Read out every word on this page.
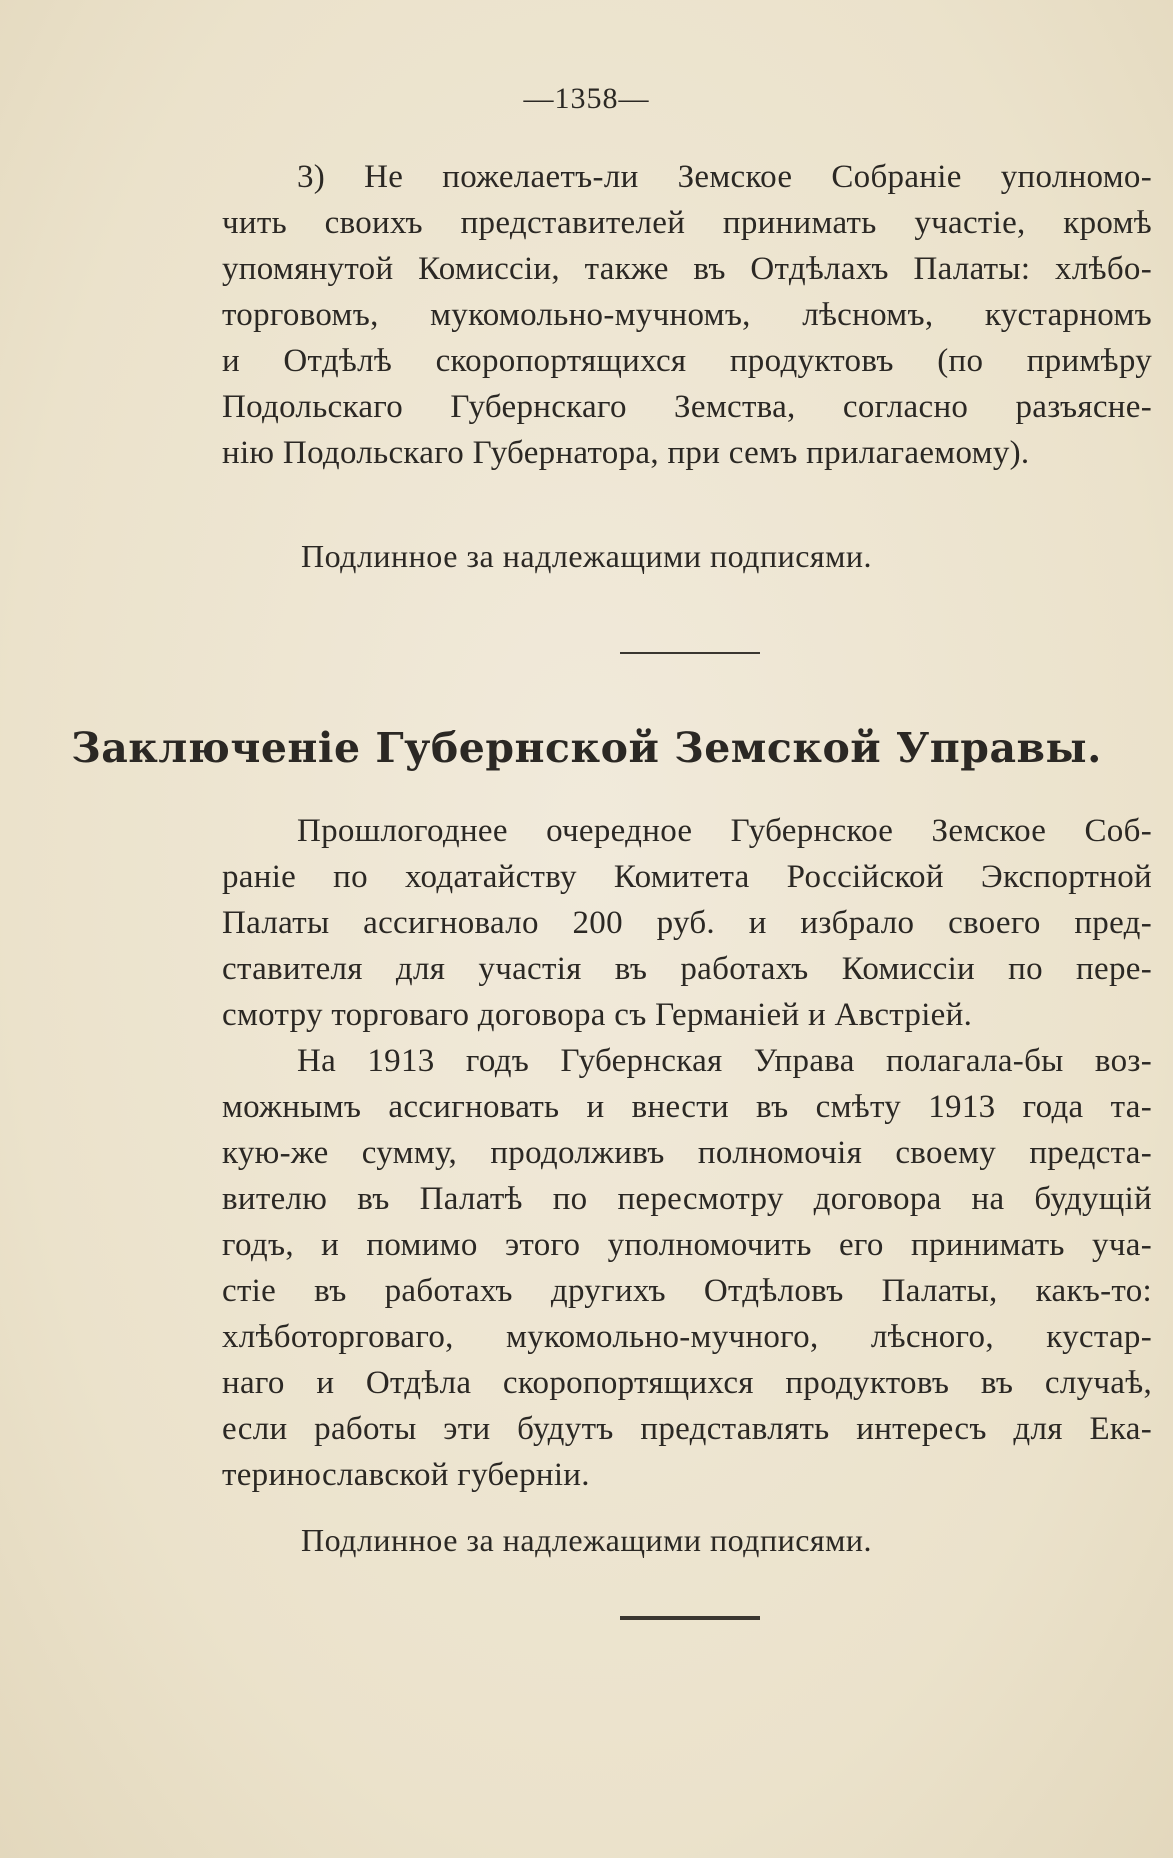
—1358—
3) Не пожелаетъ-ли Земское Собраніе уполномо-
чить своихъ представителей принимать участіе, кромѣ
упомянутой Комиссіи, также въ Отдѣлахъ Палаты: хлѣбо-
торговомъ, мукомольно-мучномъ, лѣсномъ, кустарномъ
и Отдѣлѣ скоропортящихся продуктовъ (по примѣру
Подольскаго Губернскаго Земства, согласно разъясне-
нію Подольскаго Губернатора, при семъ прилагаемому).
Подлинное за надлежащими подписями.
Заключеніе Губернской Земской Управы.
Прошлогоднее очередное Губернское Земское Соб-
раніе по ходатайству Комитета Россійской Экспортной
Палаты ассигновало 200 руб. и избрало своего пред-
ставителя для участія въ работахъ Комиссіи по пере-
смотру торговаго договора съ Германіей и Австріей.
На 1913 годъ Губернская Управа полагала-бы воз-
можнымъ ассигновать и внести въ смѣту 1913 года та-
кую-же сумму, продолживъ полномочія своему предста-
вителю въ Палатѣ по пересмотру договора на будущій
годъ, и помимо этого уполномочить его принимать уча-
стіе въ работахъ другихъ Отдѣловъ Палаты, какъ-то:
хлѣботорговаго, мукомольно-мучного, лѣсного, кустар-
наго и Отдѣла скоропортящихся продуктовъ въ случаѣ,
если работы эти будутъ представлять интересъ для Ека-
теринославской губерніи.
Подлинное за надлежащими подписями.
